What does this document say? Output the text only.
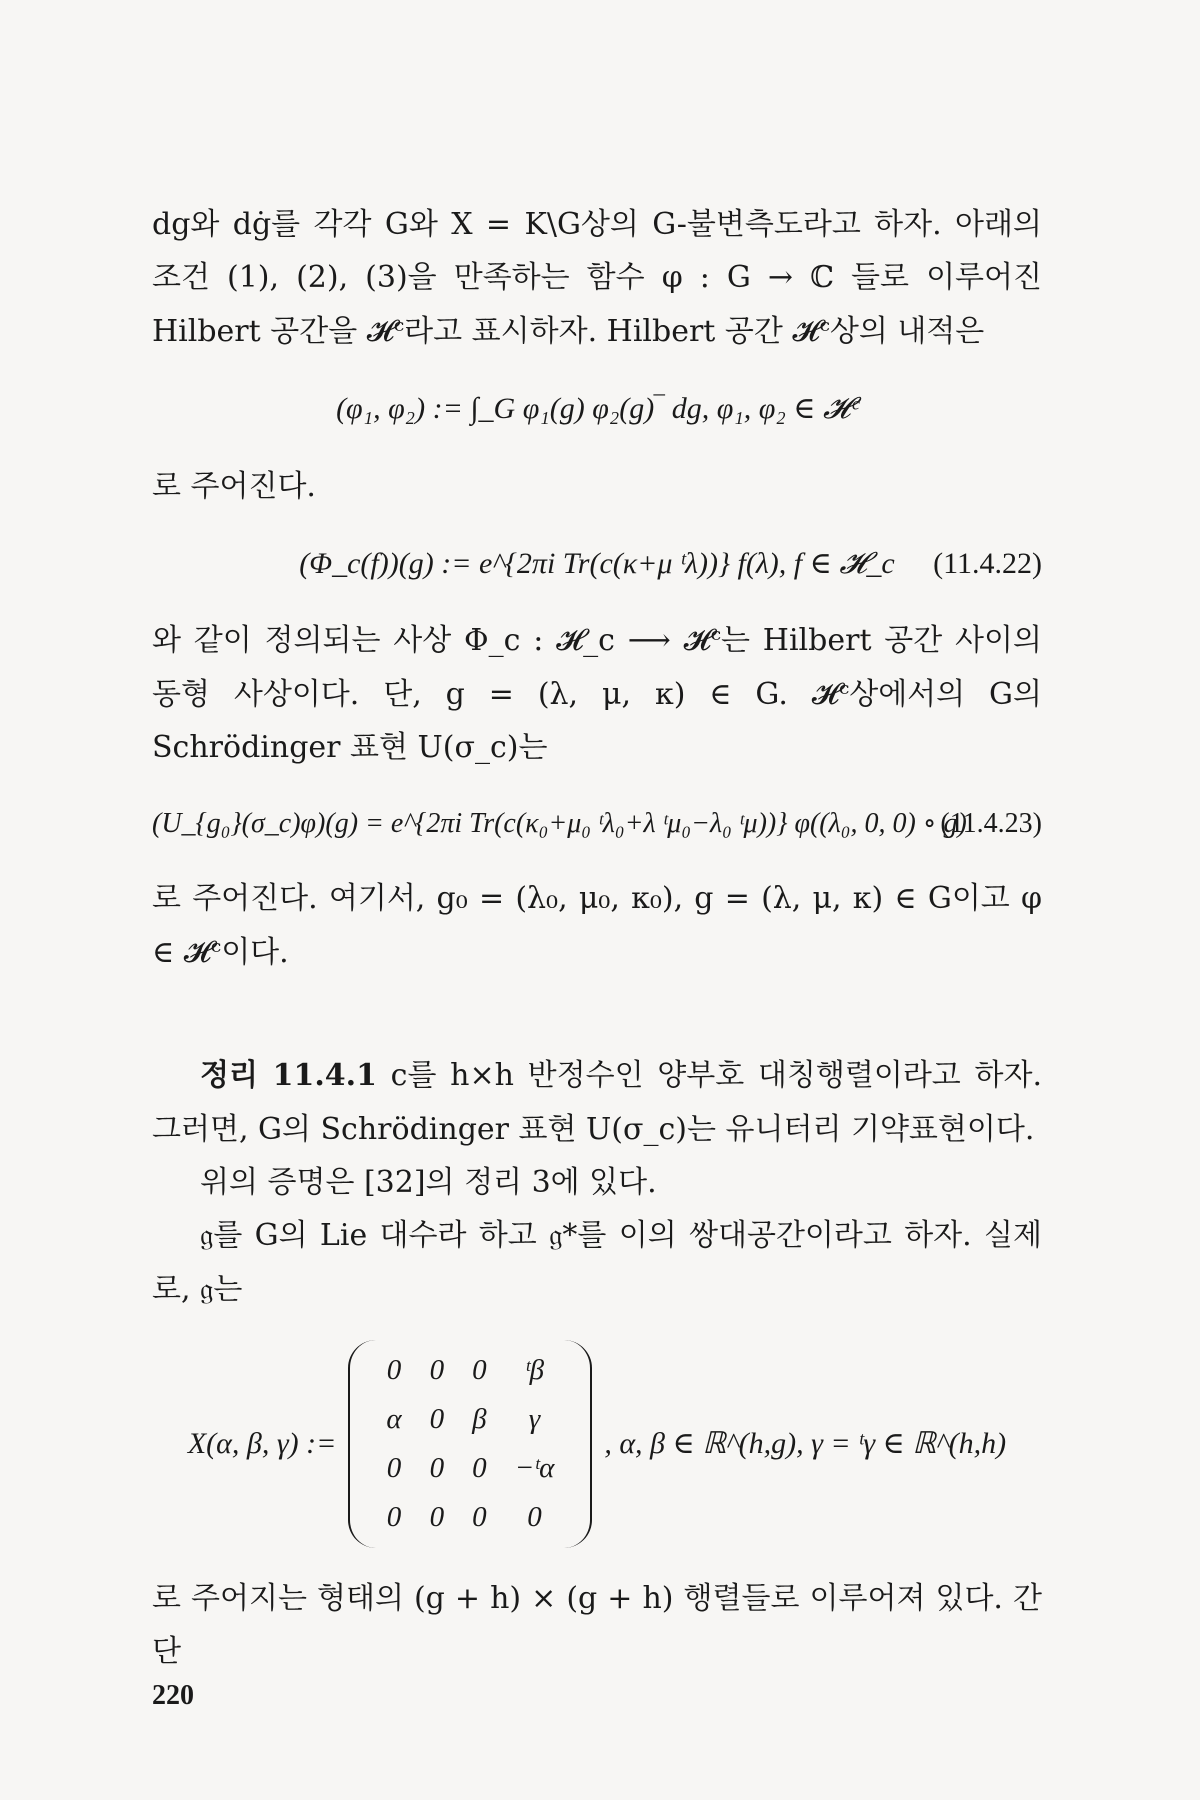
dg와 dġ를 각각 G와 X = K\G상의 G-불변측도라고 하자. 아래의 조건 (1), (2), (3)을 만족하는 함수 φ : G → ℂ 들로 이루어진 Hilbert 공간을 𝓗ᶜ라고 표시하자. Hilbert 공간 𝓗ᶜ상의 내적은

(φ₁, φ₂) := ∫_G φ₁(g) φ₂(g)‾ dg, φ₁, φ₂ ∈ 𝓗ᶜ

로 주어진다.

(Φ_c(f))(g) := e^{2πi Tr(c(κ+μ ᵗλ))} f(λ), f ∈ 𝓗_c (11.4.22)

와 같이 정의되는 사상 Φ_c : 𝓗_c ⟶ 𝓗ᶜ는 Hilbert 공간 사이의 동형 사상이다. 단, g = (λ, μ, κ) ∈ G. 𝓗ᶜ상에서의 G의 Schrödinger 표현 U(σ_c)는

(U_{g₀}(σ_c)φ)(g) = e^{2πi Tr(c(κ₀+μ₀ ᵗλ₀+λ ᵗμ₀−λ₀ ᵗμ))} φ((λ₀, 0, 0) ∘ g)
(11.4.23)

로 주어진다. 여기서, g₀ = (λ₀, μ₀, κ₀), g = (λ, μ, κ) ∈ G이고 φ ∈ 𝓗ᶜ이다.

정리 11.4.1 c를 h×h 반정수인 양부호 대칭행렬이라고 하자. 그러면, G의 Schrödinger 표현 U(σ_c)는 유니터리 기약표현이다.

위의 증명은 [32]의 정리 3에 있다.

𝔤를 G의 Lie 대수라 하고 𝔤*를 이의 쌍대공간이라고 하자. 실제로, 𝔤는

X(α, β, γ) :=
0	0	0	ᵗβ
α	0	β	γ
0	0	0	−ᵗα
0	0	0	0
, α, β ∈ ℝ^(h,g), γ = ᵗγ ∈ ℝ^(h,h)

로 주어지는 형태의 (g + h) × (g + h) 행렬들로 이루어져 있다. 간단

220
